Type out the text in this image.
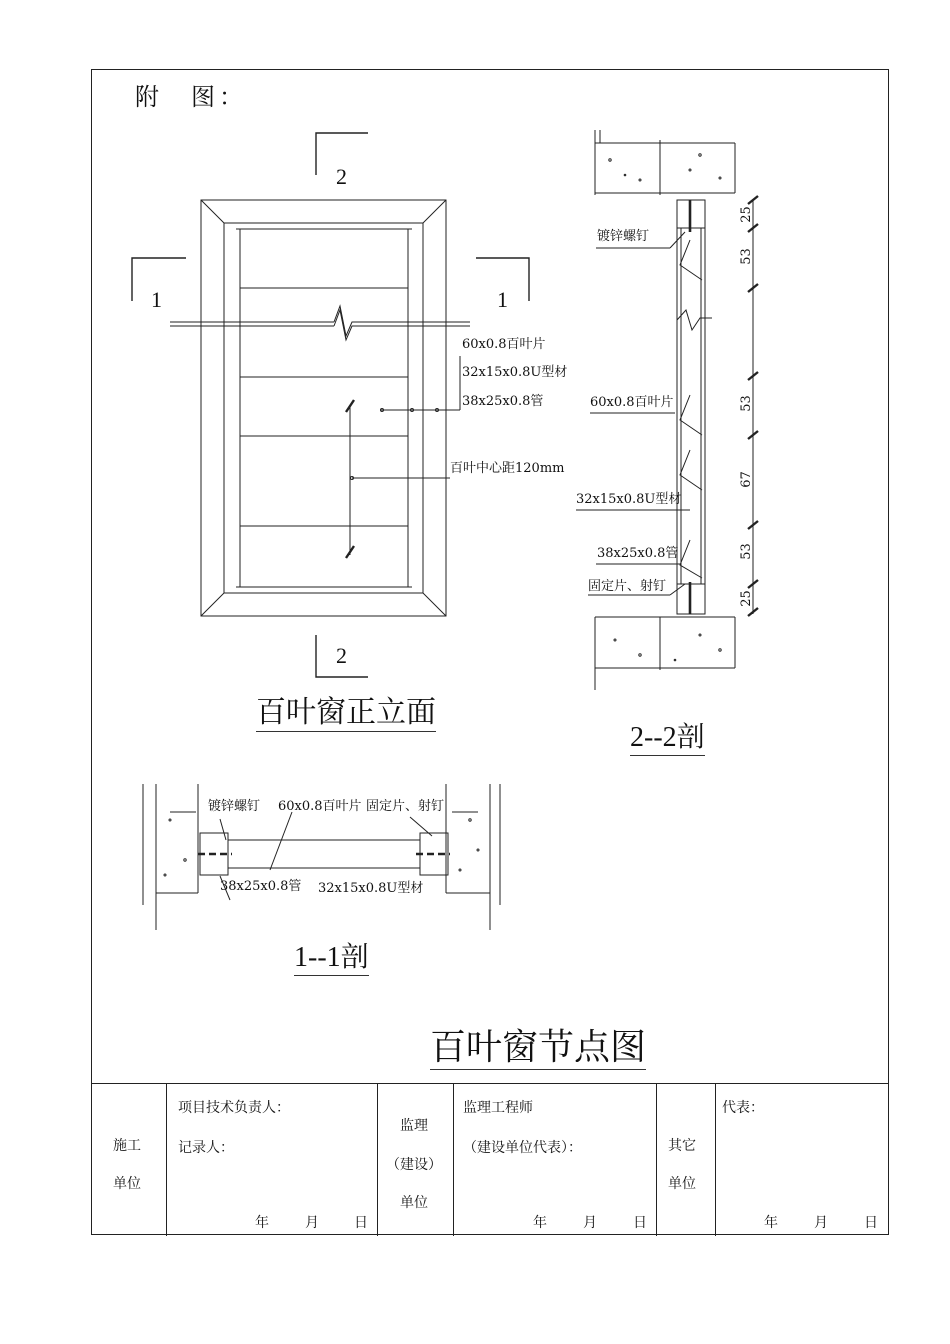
附　图：
2
2
1	1
60x0.8百叶片
32x15x0.8U型材
38x25x0.8管
百叶中心距120mm
百叶窗正立面
镀锌螺钉
60x0.8百叶片
32x15x0.8U型材
38x25x0.8管
固定片、射钉
25
53
53
67
53
25
2--2剖
镀锌螺钉 60x0.8百叶片 固定片、射钉
38x25x0.8管 32x15x0.8U型材
1--1剖
百叶窗节点图
施工
单位
项目技术负责人：
记录人：
年	月	日
监理
（建设）
单位
监理工程师
（建设单位代表）：
年	月	日
其它
单位
代表：
年	月	日
